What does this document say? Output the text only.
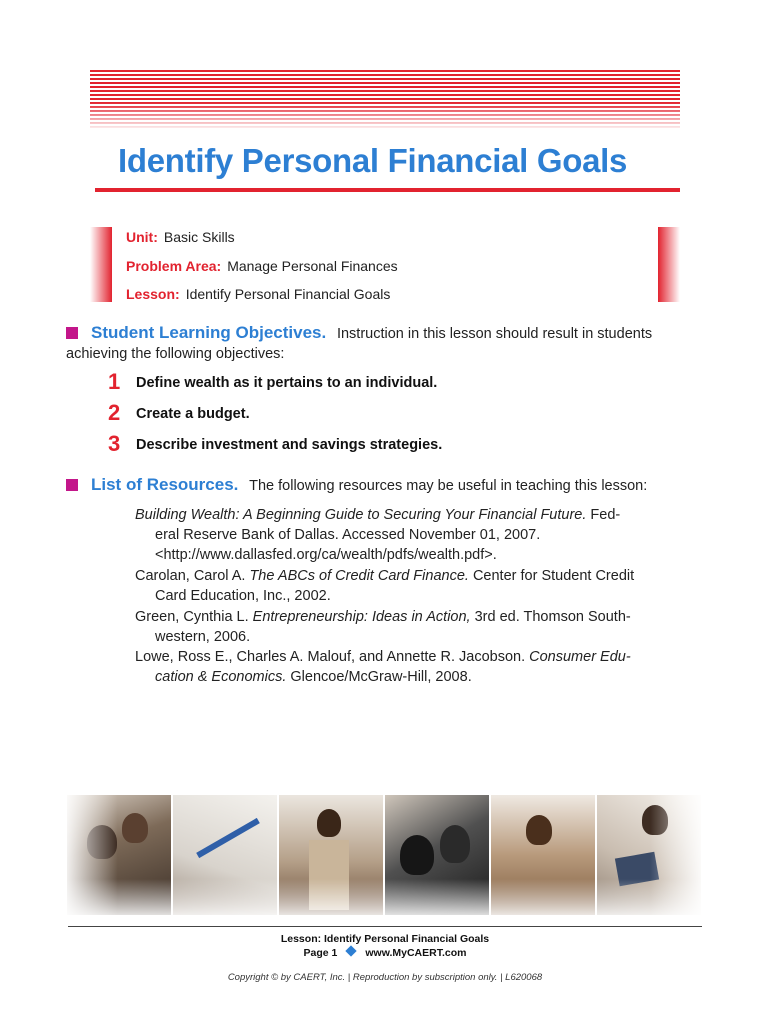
Identify Personal Financial Goals
Unit: Basic Skills
Problem Area: Manage Personal Finances
Lesson: Identify Personal Financial Goals
Student Learning Objectives. Instruction in this lesson should result in students
achieving the following objectives:
1 Define wealth as it pertains to an individual.
2 Create a budget.
3 Describe investment and savings strategies.
List of Resources. The following resources may be useful in teaching this lesson:
Building Wealth: A Beginning Guide to Securing Your Financial Future. Fed-
eral Reserve Bank of Dallas. Accessed November 01, 2007.
<http://www.dallasfed.org/ca/wealth/pdfs/wealth.pdf>.
Carolan, Carol A. The ABCs of Credit Card Finance. Center for Student Credit
Card Education, Inc., 2002.
Green, Cynthia L. Entrepreneurship: Ideas in Action, 3rd ed. Thomson South-
western, 2006.
Lowe, Ross E., Charles A. Malouf, and Annette R. Jacobson. Consumer Edu-
cation & Economics. Glencoe/McGraw-Hill, 2008.
Lesson: Identify Personal Financial Goals
Page 1	www.MyCAERT.com
Copyright © by CAERT, Inc. | Reproduction by subscription only. | L620068
